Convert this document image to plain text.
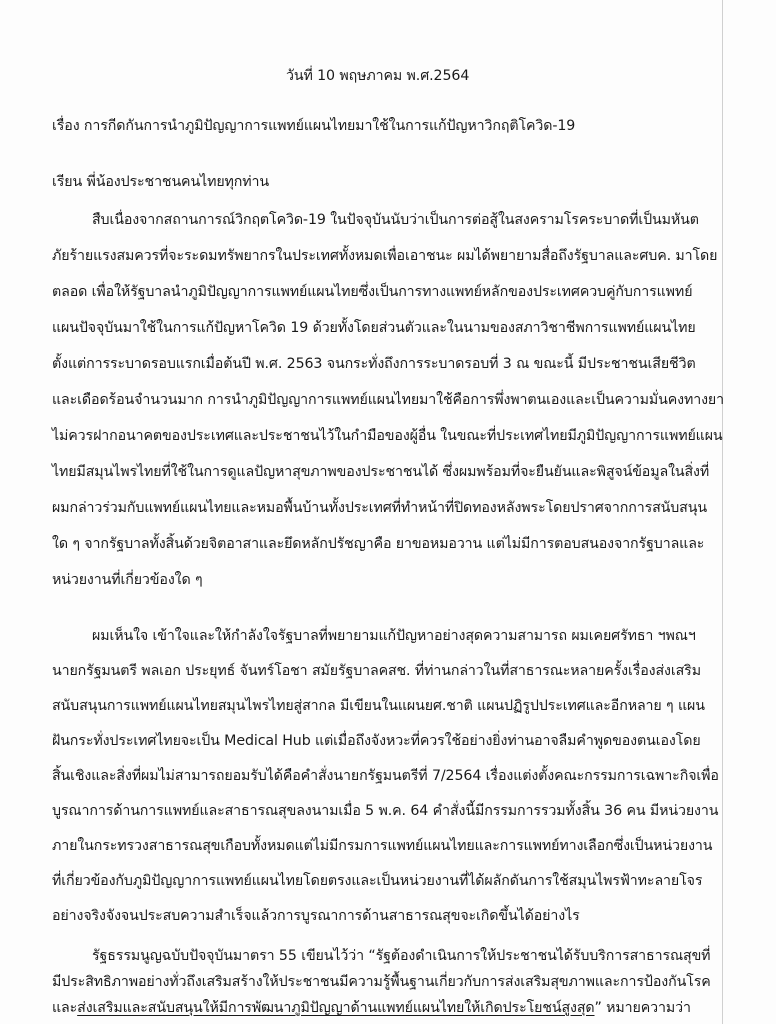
วันที่ 10 พฤษภาคม พ.ศ.2564
เรื่อง การกีดกันการนำภูมิปัญญาการแพทย์แผนไทยมาใช้ในการแก้ปัญหาวิกฤติโควิด-19
เรียน พี่น้องประชาชนคนไทยทุกท่าน
สืบเนื่องจากสถานการณ์วิกฤตโควิด-19 ในปัจจุบันนับว่าเป็นการต่อสู้ในสงครามโรคระบาดที่เป็นมหันต
ภัยร้ายแรงสมควรที่จะระดมทรัพยากรในประเทศทั้งหมดเพื่อเอาชนะ ผมได้พยายามสื่อถึงรัฐบาลและศบค. มาโดย
ตลอด เพื่อให้รัฐบาลนำภูมิปัญญาการแพทย์แผนไทยซึ่งเป็นการทางแพทย์หลักของประเทศควบคู่กับการแพทย์
แผนปัจจุบันมาใช้ในการแก้ปัญหาโควิด 19 ด้วยทั้งโดยส่วนตัวและในนามของสภาวิชาชีพการแพทย์แผนไทย
ตั้งแต่การระบาดรอบแรกเมื่อต้นปี พ.ศ. 2563 จนกระทั่งถึงการระบาดรอบที่ 3 ณ ขณะนี้ มีประชาชนเสียชีวิต
และเดือดร้อนจำนวนมาก การนำภูมิปัญญาการแพทย์แผนไทยมาใช้คือการพึ่งพาตนเองและเป็นความมั่นคงทางยา
ไม่ควรฝากอนาคตของประเทศและประชาชนไว้ในกำมือของผู้อื่น ในขณะที่ประเทศไทยมีภูมิปัญญาการแพทย์แผน
ไทยมีสมุนไพรไทยที่ใช้ในการดูแลปัญหาสุขภาพของประชาชนได้ ซึ่งผมพร้อมที่จะยืนยันและพิสูจน์ข้อมูลในสิ่งที่
ผมกล่าวร่วมกับแพทย์แผนไทยและหมอพื้นบ้านทั้งประเทศที่ทำหน้าที่ปิดทองหลังพระโดยปราศจากการสนับสนุน
ใด ๆ จากรัฐบาลทั้งสิ้นด้วยจิตอาสาและยึดหลักปรัชญาคือ ยาขอหมอวาน แต่ไม่มีการตอบสนองจากรัฐบาลและ
หน่วยงานที่เกี่ยวข้องใด ๆ
ผมเห็นใจ เข้าใจและให้กำลังใจรัฐบาลที่พยายามแก้ปัญหาอย่างสุดความสามารถ ผมเคยศรัทธา ฯพณฯ
นายกรัฐมนตรี พลเอก ประยุทธ์ จันทร์โอชา สมัยรัฐบาลคสช. ที่ท่านกล่าวในที่สาธารณะหลายครั้งเรื่องส่งเสริม
สนับสนุนการแพทย์แผนไทยสมุนไพรไทยสู่สากล มีเขียนในแผนยศ.ชาติ แผนปฏิรูปประเทศและอีกหลาย ๆ แผน
ฝันกระทั่งประเทศไทยจะเป็น Medical Hub แต่เมื่อถึงจังหวะที่ควรใช้อย่างยิ่งท่านอาจลืมคำพูดของตนเองโดย
สิ้นเชิงและสิ่งที่ผมไม่สามารถยอมรับได้คือคำสั่งนายกรัฐมนตรีที่ 7/2564 เรื่องแต่งตั้งคณะกรรมการเฉพาะกิจเพื่อ
บูรณาการด้านการแพทย์และสาธารณสุขลงนามเมื่อ 5 พ.ค. 64 คำสั่งนี้มีกรรมการรวมทั้งสิ้น 36 คน มีหน่วยงาน
ภายในกระทรวงสาธารณสุขเกือบทั้งหมดแต่ไม่มีกรมการแพทย์แผนไทยและการแพทย์ทางเลือกซึ่งเป็นหน่วยงาน
ที่เกี่ยวข้องกับภูมิปัญญาการแพทย์แผนไทยโดยตรงและเป็นหน่วยงานที่ได้ผลักดันการใช้สมุนไพรฟ้าทะลายโจร
อย่างจริงจังจนประสบความสำเร็จแล้วการบูรณาการด้านสาธารณสุขจะเกิดขึ้นได้อย่างไร
รัฐธรรมนูญฉบับปัจจุบันมาตรา 55 เขียนไว้ว่า “รัฐต้องดำเนินการให้ประชาชนได้รับบริการสาธารณสุขที่
มีประสิทธิภาพอย่างทั่วถึงเสริมสร้างให้ประชาชนมีความรู้พื้นฐานเกี่ยวกับการส่งเสริมสุขภาพและการป้องกันโรค
และส่งเสริมและสนับสนุนให้มีการพัฒนาภูมิปัญญาด้านแพทย์แผนไทยให้เกิดประโยชน์สูงสุด” หมายความว่า
